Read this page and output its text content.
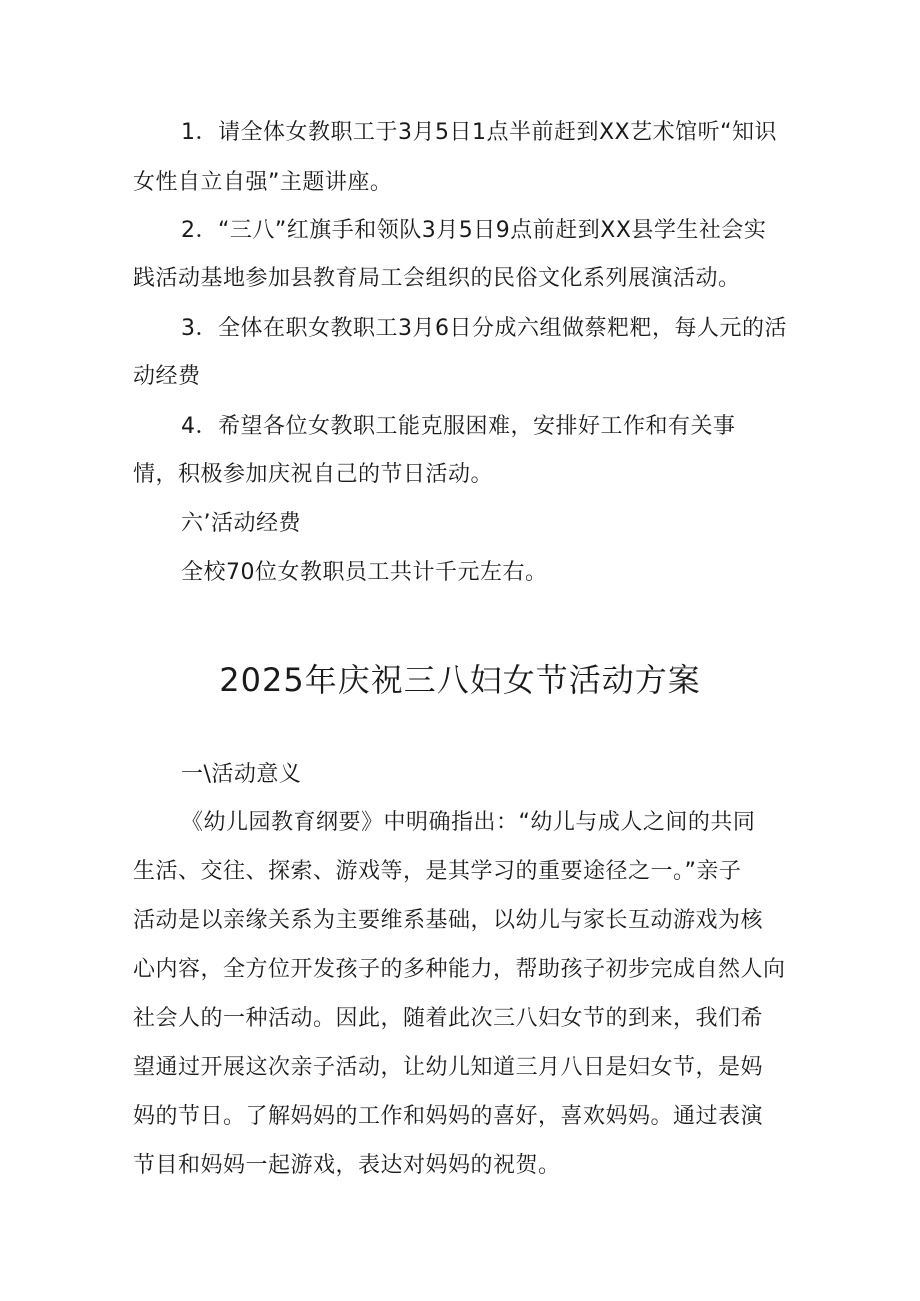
1．请全体女教职工于3月5日1点半前赶到XX艺术馆听“知识
女性自立自强”主题讲座。
2．“三八”红旗手和领队3月5日9点前赶到XX县学生社会实
践活动基地参加县教育局工会组织的民俗文化系列展演活动。
3．全体在职女教职工3月6日分成六组做蔡粑粑，每人元的活
动经费
4．希望各位女教职工能克服困难，安排好工作和有关事
情，积极参加庆祝自己的节日活动。
六’活动经费
全校70位女教职员工共计千元左右。
2025年庆祝三八妇女节活动方案
一\活动意义
《幼儿园教育纲要》中明确指出：“幼儿与成人之间的共同
生活、交往、探索、游戏等，是其学习的重要途径之一。”亲子
活动是以亲缘关系为主要维系基础，以幼儿与家长互动游戏为核
心内容，全方位开发孩子的多种能力，帮助孩子初步完成自然人向
社会人的一种活动。因此，随着此次三八妇女节的到来，我们希
望通过开展这次亲子活动，让幼儿知道三月八日是妇女节，是妈
妈的节日。了解妈妈的工作和妈妈的喜好，喜欢妈妈。通过表演
节目和妈妈一起游戏，表达对妈妈的祝贺。
